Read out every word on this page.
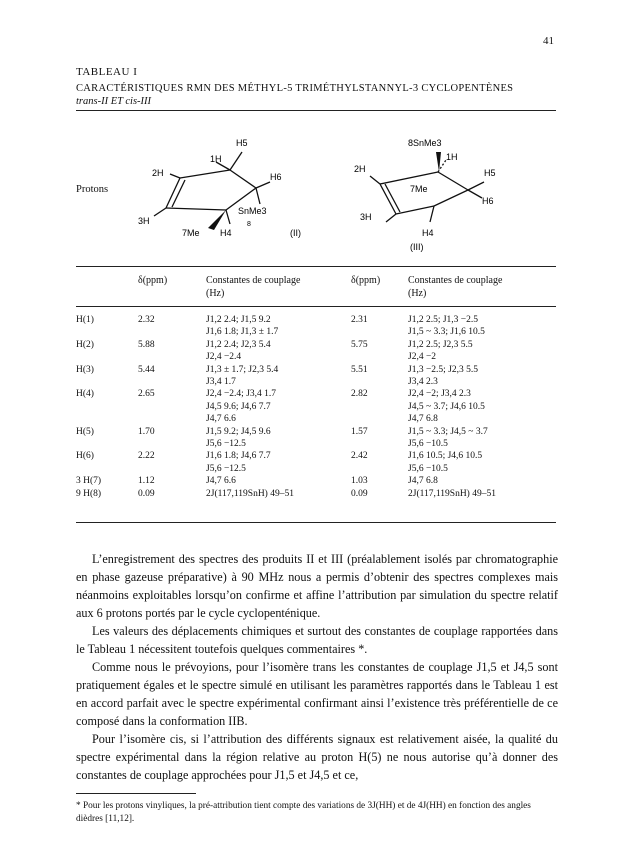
41
TABLEAU I
CARACTÉRISTIQUES RMN DES MÉTHYL-5 TRIMÉTHYLSTANNYL-3 CYCLOPENTÈNES
trans-II ET cis-III
Protons
1H
H5
2H	H6
SnMe3
8
3H
7Me H4	(II)
8SnMe3
2H
1H
H5
7Me
H6
3H
H4
(III)
δ(ppm)	Constantes de couplage
(Hz)
δ(ppm)	Constantes de couplage
(Hz)
H(1)	2.32	J1,2 2.4; J1,5 9.2	2.31	J1,2 2.5; J1,3 −2.5
		J1,6 1.8; J1,3 ± 1.7		J1,5 ~ 3.3; J1,6 10.5
H(2)	5.88	J1,2 2.4; J2,3 5.4	5.75	J1,2 2.5; J2,3 5.5
		J2,4 −2.4		J2,4 −2
H(3)	5.44	J1,3 ± 1.7; J2,3 5.4	5.51	J1,3 −2.5; J2,3 5.5
		J3,4 1.7		J3,4 2.3
H(4)	2.65	J2,4 −2.4; J3,4 1.7	2.82	J2,4 −2; J3,4 2.3
		J4,5 9.6; J4,6 7.7		J4,5 ~ 3.7; J4,6 10.5
		J4,7 6.6		J4,7 6.8
H(5)	1.70	J1,5 9.2; J4,5 9.6	1.57	J1,5 ~ 3.3; J4,5 ~ 3.7
		J5,6 −12.5		J5,6 −10.5
H(6)	2.22	J1,6 1.8; J4,6 7.7	2.42	J1,6 10.5; J4,6 10.5
		J5,6 −12.5		J5,6 −10.5
3 H(7)	1.12	J4,7 6.6	1.03	J4,7 6.8
9 H(8)	0.09	2J(117,119SnH) 49–51	0.09	2J(117,119SnH) 49–51

L’enregistrement des spectres des produits II et III (préalablement isolés par chromatographie en phase gazeuse préparative) à 90 MHz nous a permis d’obtenir des spectres complexes mais néanmoins exploitables lorsqu’on confirme et affine l’attribution par simulation du spectre relatif aux 6 protons portés par le cycle cyclopenténique.

Les valeurs des déplacements chimiques et surtout des constantes de couplage rapportées dans le Tableau 1 nécessitent toutefois quelques commentaires *.

Comme nous le prévoyions, pour l’isomère trans les constantes de couplage J1,5 et J4,5 sont pratiquement égales et le spectre simulé en utilisant les paramètres rapportés dans le Tableau 1 est en accord parfait avec le spectre expérimental confirmant ainsi l’existence très préférentielle de ce composé dans la conformation IIB.

Pour l’isomère cis, si l’attribution des différents signaux est relativement aisée, la qualité du spectre expérimental dans la région relative au proton H(5) ne nous autorise qu’à donner des constantes de couplage approchées pour J1,5 et J4,5 et ce,

* Pour les protons vinyliques, la pré-attribution tient compte des variations de 3J(HH) et de 4J(HH) en fonction des angles dièdres [11,12].
